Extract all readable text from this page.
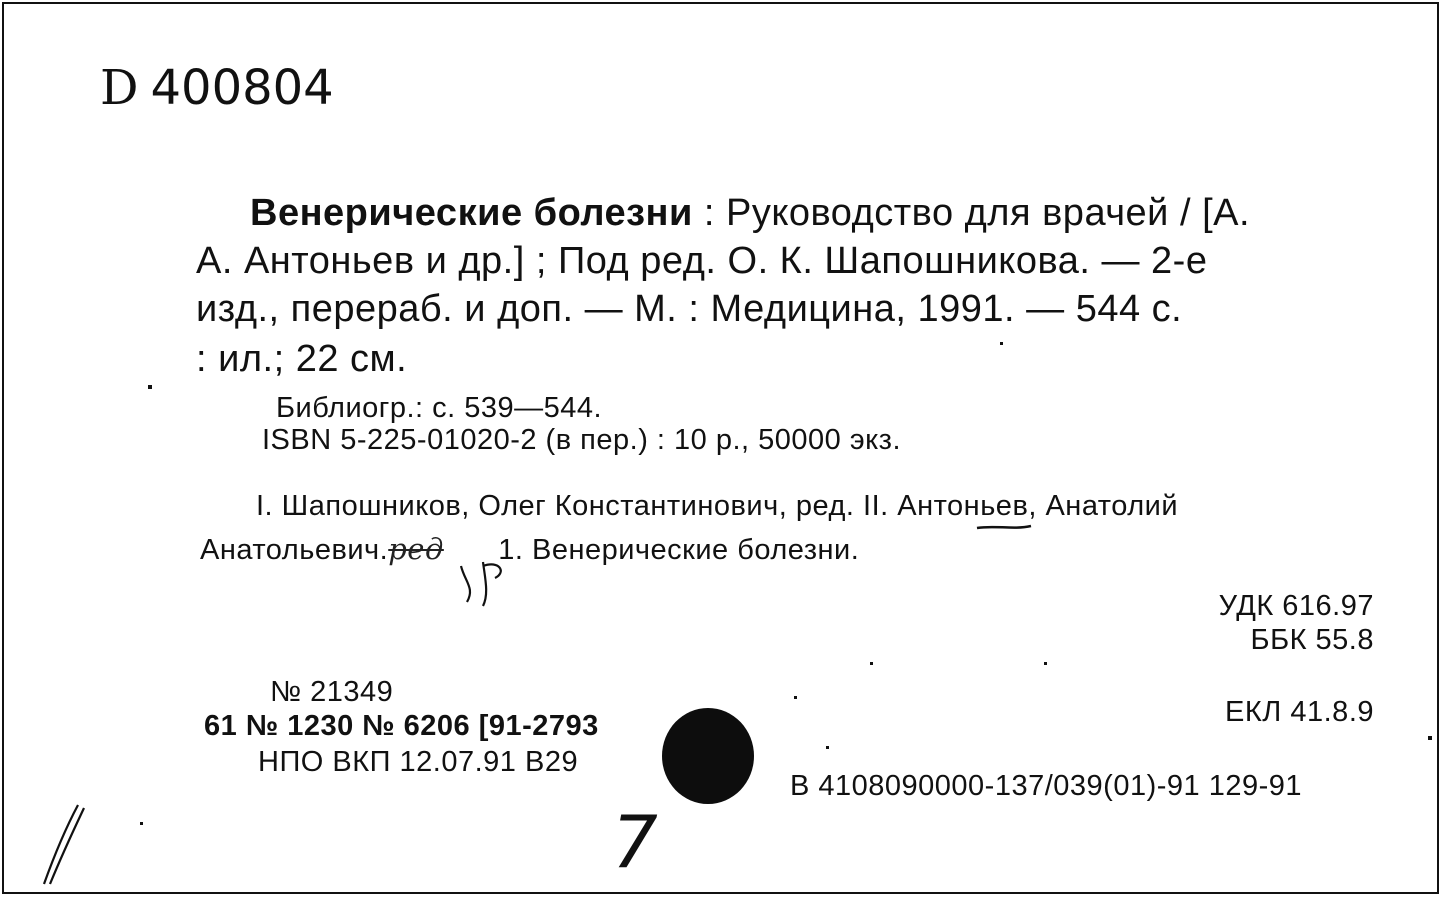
D 400804
Венерические болезни : Руководство для врачей / [А.
А. Антоньев и др.] ; Под ред. О. К. Шапошникова. — 2-е
изд., перераб. и доп. — М. : Медицина, 1991. — 544 с.
: ил.; 22 см.
Библиогр.: с. 539—544.
ISBN 5-225-01020-2 (в пер.) : 10 р., 50000 экз.
I. Шапошников, Олег Константинович, ред. II. Антоньев, Анатолий
Анатольевич.ред 1. Венерические болезни.
УДК 616.97
ББК 55.8
ЕКЛ 41.8.9
№ 21349
61 № 1230 № 6206 [91-2793
НПО ВКП 12.07.91 В29
В 4108090000-137/039(01)-91 129-91
7
